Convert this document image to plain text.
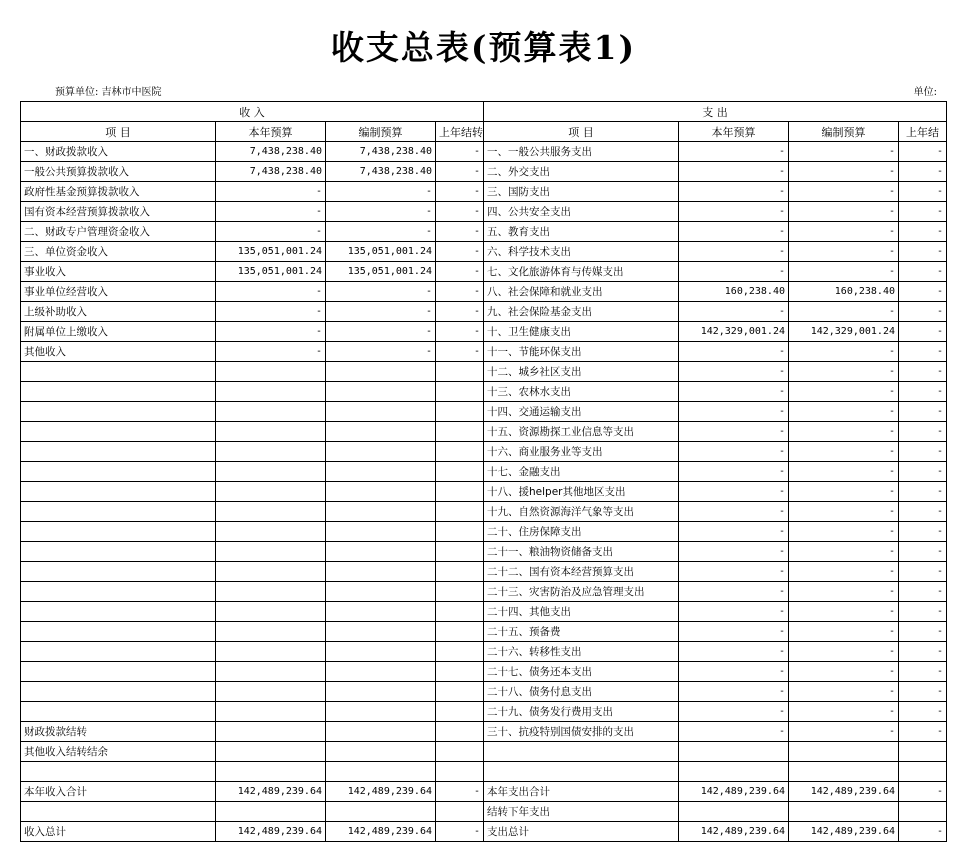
收支总表(预算表1)
预算单位: 吉林市中医院	单位:
收 入				支 出			
项 目	本年预算	编制预算	上年结转	项 目	本年预算	编制预算	上年结
一、财政拨款收入	7,438,238.40	7,438,238.40	-	一、一般公共服务支出	-	-	-
一般公共预算拨款收入	7,438,238.40	7,438,238.40	-	二、外交支出	-	-	-
政府性基金预算拨款收入	-	-	-	三、国防支出	-	-	-
国有资本经营预算拨款收入	-	-	-	四、公共安全支出	-	-	-
二、财政专户管理资金收入	-	-	-	五、教育支出	-	-	-
三、单位资金收入	135,051,001.24	135,051,001.24	-	六、科学技术支出	-	-	-
事业收入	135,051,001.24	135,051,001.24	-	七、文化旅游体育与传媒支出	-	-	-
事业单位经营收入	-	-	-	八、社会保障和就业支出	160,238.40	160,238.40	-
上级补助收入	-	-	-	九、社会保险基金支出	-	-	-
附属单位上缴收入	-	-	-	十、卫生健康支出	142,329,001.24	142,329,001.24	-
其他收入	-	-	-	十一、节能环保支出	-	-	-
				十二、城乡社区支出	-	-	-
				十三、农林水支出	-	-	-
				十四、交通运输支出	-	-	-
				十五、资源勘探工业信息等支出	-	-	-
				十六、商业服务业等支出	-	-	-
				十七、金融支出	-	-	-
				十八、援helper其他地区支出	-	-	-
				十九、自然资源海洋气象等支出	-	-	-
				二十、住房保障支出	-	-	-
				二十一、粮油物资储备支出	-	-	-
				二十二、国有资本经营预算支出	-	-	-
				二十三、灾害防治及应急管理支出	-	-	-
				二十四、其他支出	-	-	-
				二十五、预备费	-	-	-
				二十六、转移性支出	-	-	-
				二十七、债务还本支出	-	-	-
				二十八、债务付息支出	-	-	-
				二十九、债务发行费用支出	-	-	-
财政拨款结转				三十、抗疫特别国债安排的支出	-	-	-
其他收入结转结余							

本年收入合计	142,489,239.64	142,489,239.64	-	本年支出合计	142,489,239.64	142,489,239.64	-
				结转下年支出			
收入总计	142,489,239.64	142,489,239.64	-	支出总计	142,489,239.64	142,489,239.64	-
